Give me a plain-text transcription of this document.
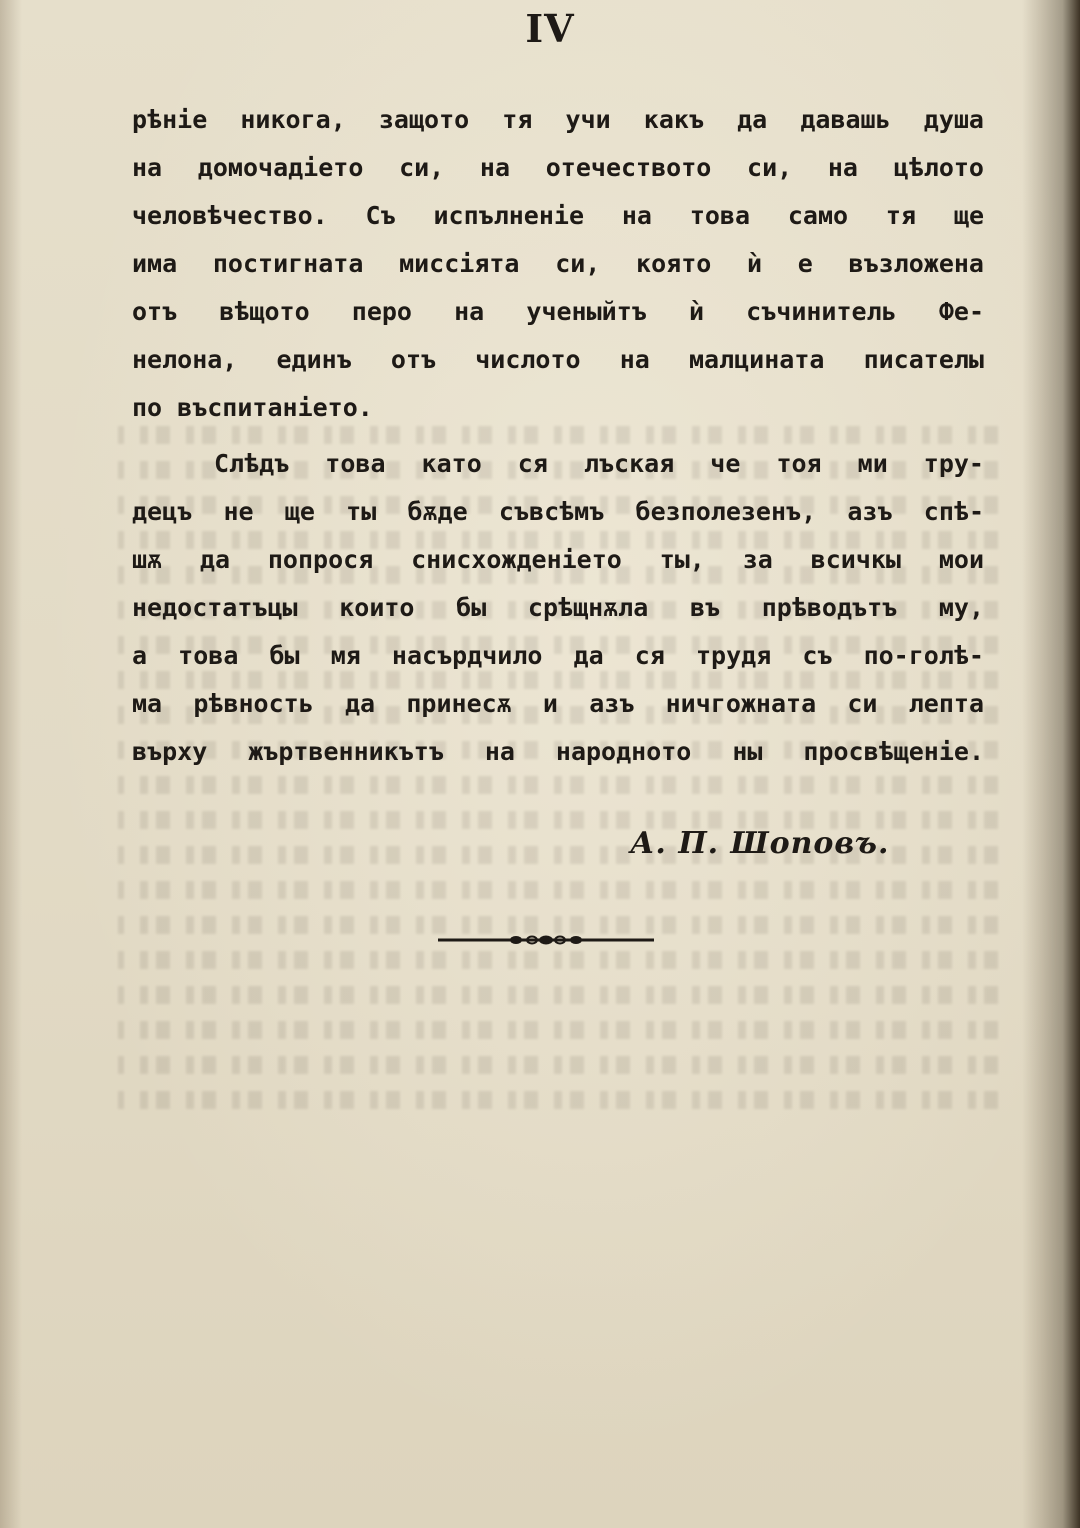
IV
рѣніе никога, защото тя учи какъ да давашь душа
на домочадіето си, на отечеството си, на цѣлото
человѣчество. Съ испълненіе на това само тя ще
има постигната миссіята си, която ѝ е възложена
отъ вѣщото перо на ученыйтъ ѝ съчинитель Фе-
нелона, единъ отъ числото на малцината писателы
по въспитаніето.
Слѣдъ това като ся лъская че тоя ми тру-
децъ не ще ты бѫде съвсѣмъ безполезенъ, азъ спѣ-
шѫ да попрося снисхожденіето ты, за всичкы мои
недостатъцы които бы срѣщнѫла въ прѣводътъ му,
а това бы мя насърдчило да ся трудя съ по-голѣ-
ма рѣвность да принесѫ и азъ ничгожната си лепта
върху жъртвенникътъ на народното ны просвѣщеніе.
А. П. Шоповъ.
